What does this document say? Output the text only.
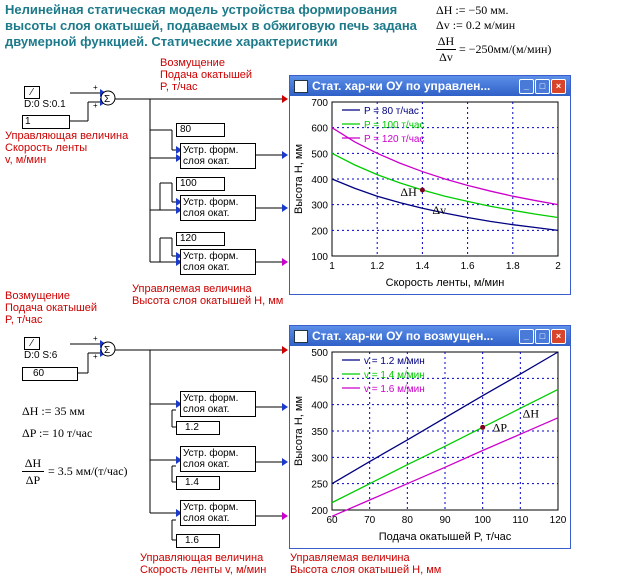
Нелинейная статическая модель устройства формирования высоты слоя окатышей, подаваемых в обжиговую печь задана двумерной функцией. Статические характеристики
ΔH := −50 мм.
Δv := 0.2 м/мин
ΔH
Δv
= −250мм/(м/мин)
Σ
Σ
+
+
+
+
Возмущение
Подача окатышей
P, т/час
⁄
D:0 S:0.1
1
Управляющая величина
Скорость ленты
v, м/мин
80
Устр. форм.
слоя окат.
100
Устр. форм.
слоя окат.
120
Устр. форм.
слоя окат.
Управляемая величина
Высота слоя окатышей Н, мм
Возмущение
Подача окатышей
P, т/час
⁄
D:0 S:6
60
ΔH := 35 мм
ΔP := 10 т/час
ΔH
ΔP
= 3.5 мм/(т/час)
Устр. форм.
слоя окат.
1.2
Устр. форм.
слоя окат.
1.4
Устр. форм.
слоя окат.
1.6
Управляющая величина
Скорость ленты v, м/мин
Управляемая величина
Высота слоя окатышей Н, мм
Стат. хар-ки ОУ по управлен...	_	□	×
1	1.2	1.4	1.6	1.8	2
100
200
300
400
500
600
700
Скорость ленты, м/мин
Высота Н, мм
P = 80 т/час
P = 100 т/час
P = 120 т/час
ΔH
Δv
Стат. хар-ки ОУ по возмущен...	_	□	×
60	70	80	90 100 110 120
200
250
300
350
400
450
500
Подача окатышей P, т/час
Высота Н, мм
v = 1.2 м/мин
v = 1.4 м/мин
v = 1.6 м/мин
ΔH
ΔP
